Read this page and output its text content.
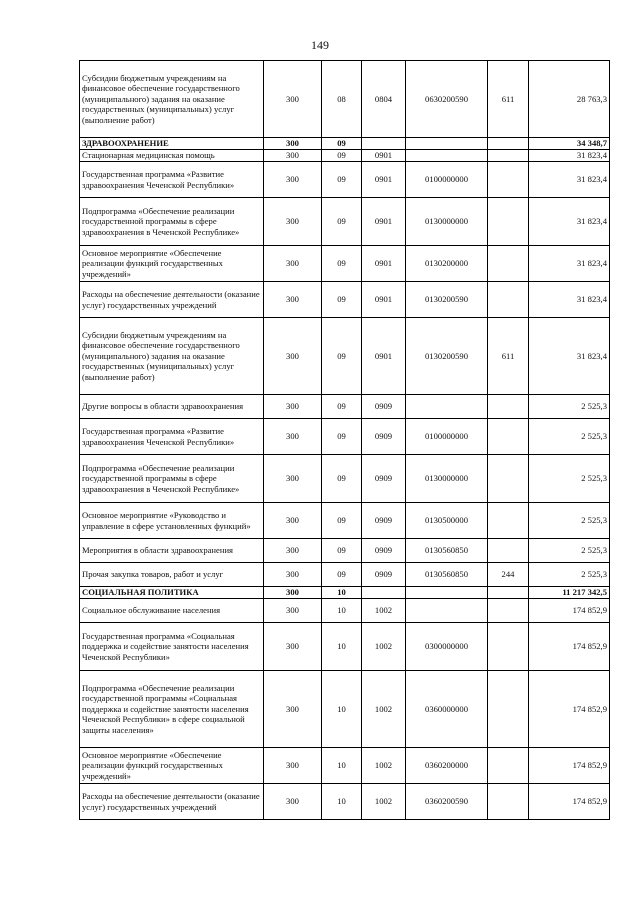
149
Субсидии бюджетным учреждениям на финансовое обеспечение государственного (муниципального) задания на оказание государственных (муниципальных) услуг (выполнение работ)	300	08	0804	0630200590	611	28 763,3
ЗДРАВООХРАНЕНИЕ	300	09				34 348,7
Стационарная медицинская помощь	300	09	0901			31 823,4
Государственная программа «Развитие здравоохранения Чеченской Республики»	300	09	0901	0100000000		31 823,4
Подпрограмма «Обеспечение реализации государственной программы в сфере здравоохранения в Чеченской Республике»	300	09	0901	0130000000		31 823,4
Основное мероприятие «Обеспечение реализации функций государственных учреждений»	300	09	0901	0130200000		31 823,4
Расходы на обеспечение деятельности (оказание услуг) государственных учреждений	300	09	0901	0130200590		31 823,4
Субсидии бюджетным учреждениям на финансовое обеспечение государственного (муниципального) задания на оказание государственных (муниципальных) услуг (выполнение работ)	300	09	0901	0130200590	611	31 823,4
Другие вопросы в области здравоохранения	300	09	0909			2 525,3
Государственная программа «Развитие здравоохранения Чеченской Республики»	300	09	0909	0100000000		2 525,3
Подпрограмма «Обеспечение реализации государственной программы в сфере здравоохранения в Чеченской Республике»	300	09	0909	0130000000		2 525,3
Основное мероприятие «Руководство и управление в сфере установленных функций»	300	09	0909	0130500000		2 525,3
Мероприятия в области здравоохранения	300	09	0909	0130560850		2 525,3
Прочая закупка товаров, работ и услуг	300	09	0909	0130560850	244	2 525,3
СОЦИАЛЬНАЯ ПОЛИТИКА	300	10				11 217 342,5
Социальное обслуживание населения	300	10	1002			174 852,9
Государственная программа «Социальная поддержка и содействие занятости населения Чеченской Республики»	300	10	1002	0300000000		174 852,9
Подпрограмма «Обеспечение реализации государственной программы «Социальная поддержка и содействие занятости населения Чеченской Республики» в сфере социальной защиты населения»	300	10	1002	0360000000		174 852,9
Основное мероприятие «Обеспечение реализации функций государственных учреждений»	300	10	1002	0360200000		174 852,9
Расходы на обеспечение деятельности (оказание услуг) государственных учреждений	300	10	1002	0360200590		174 852,9
